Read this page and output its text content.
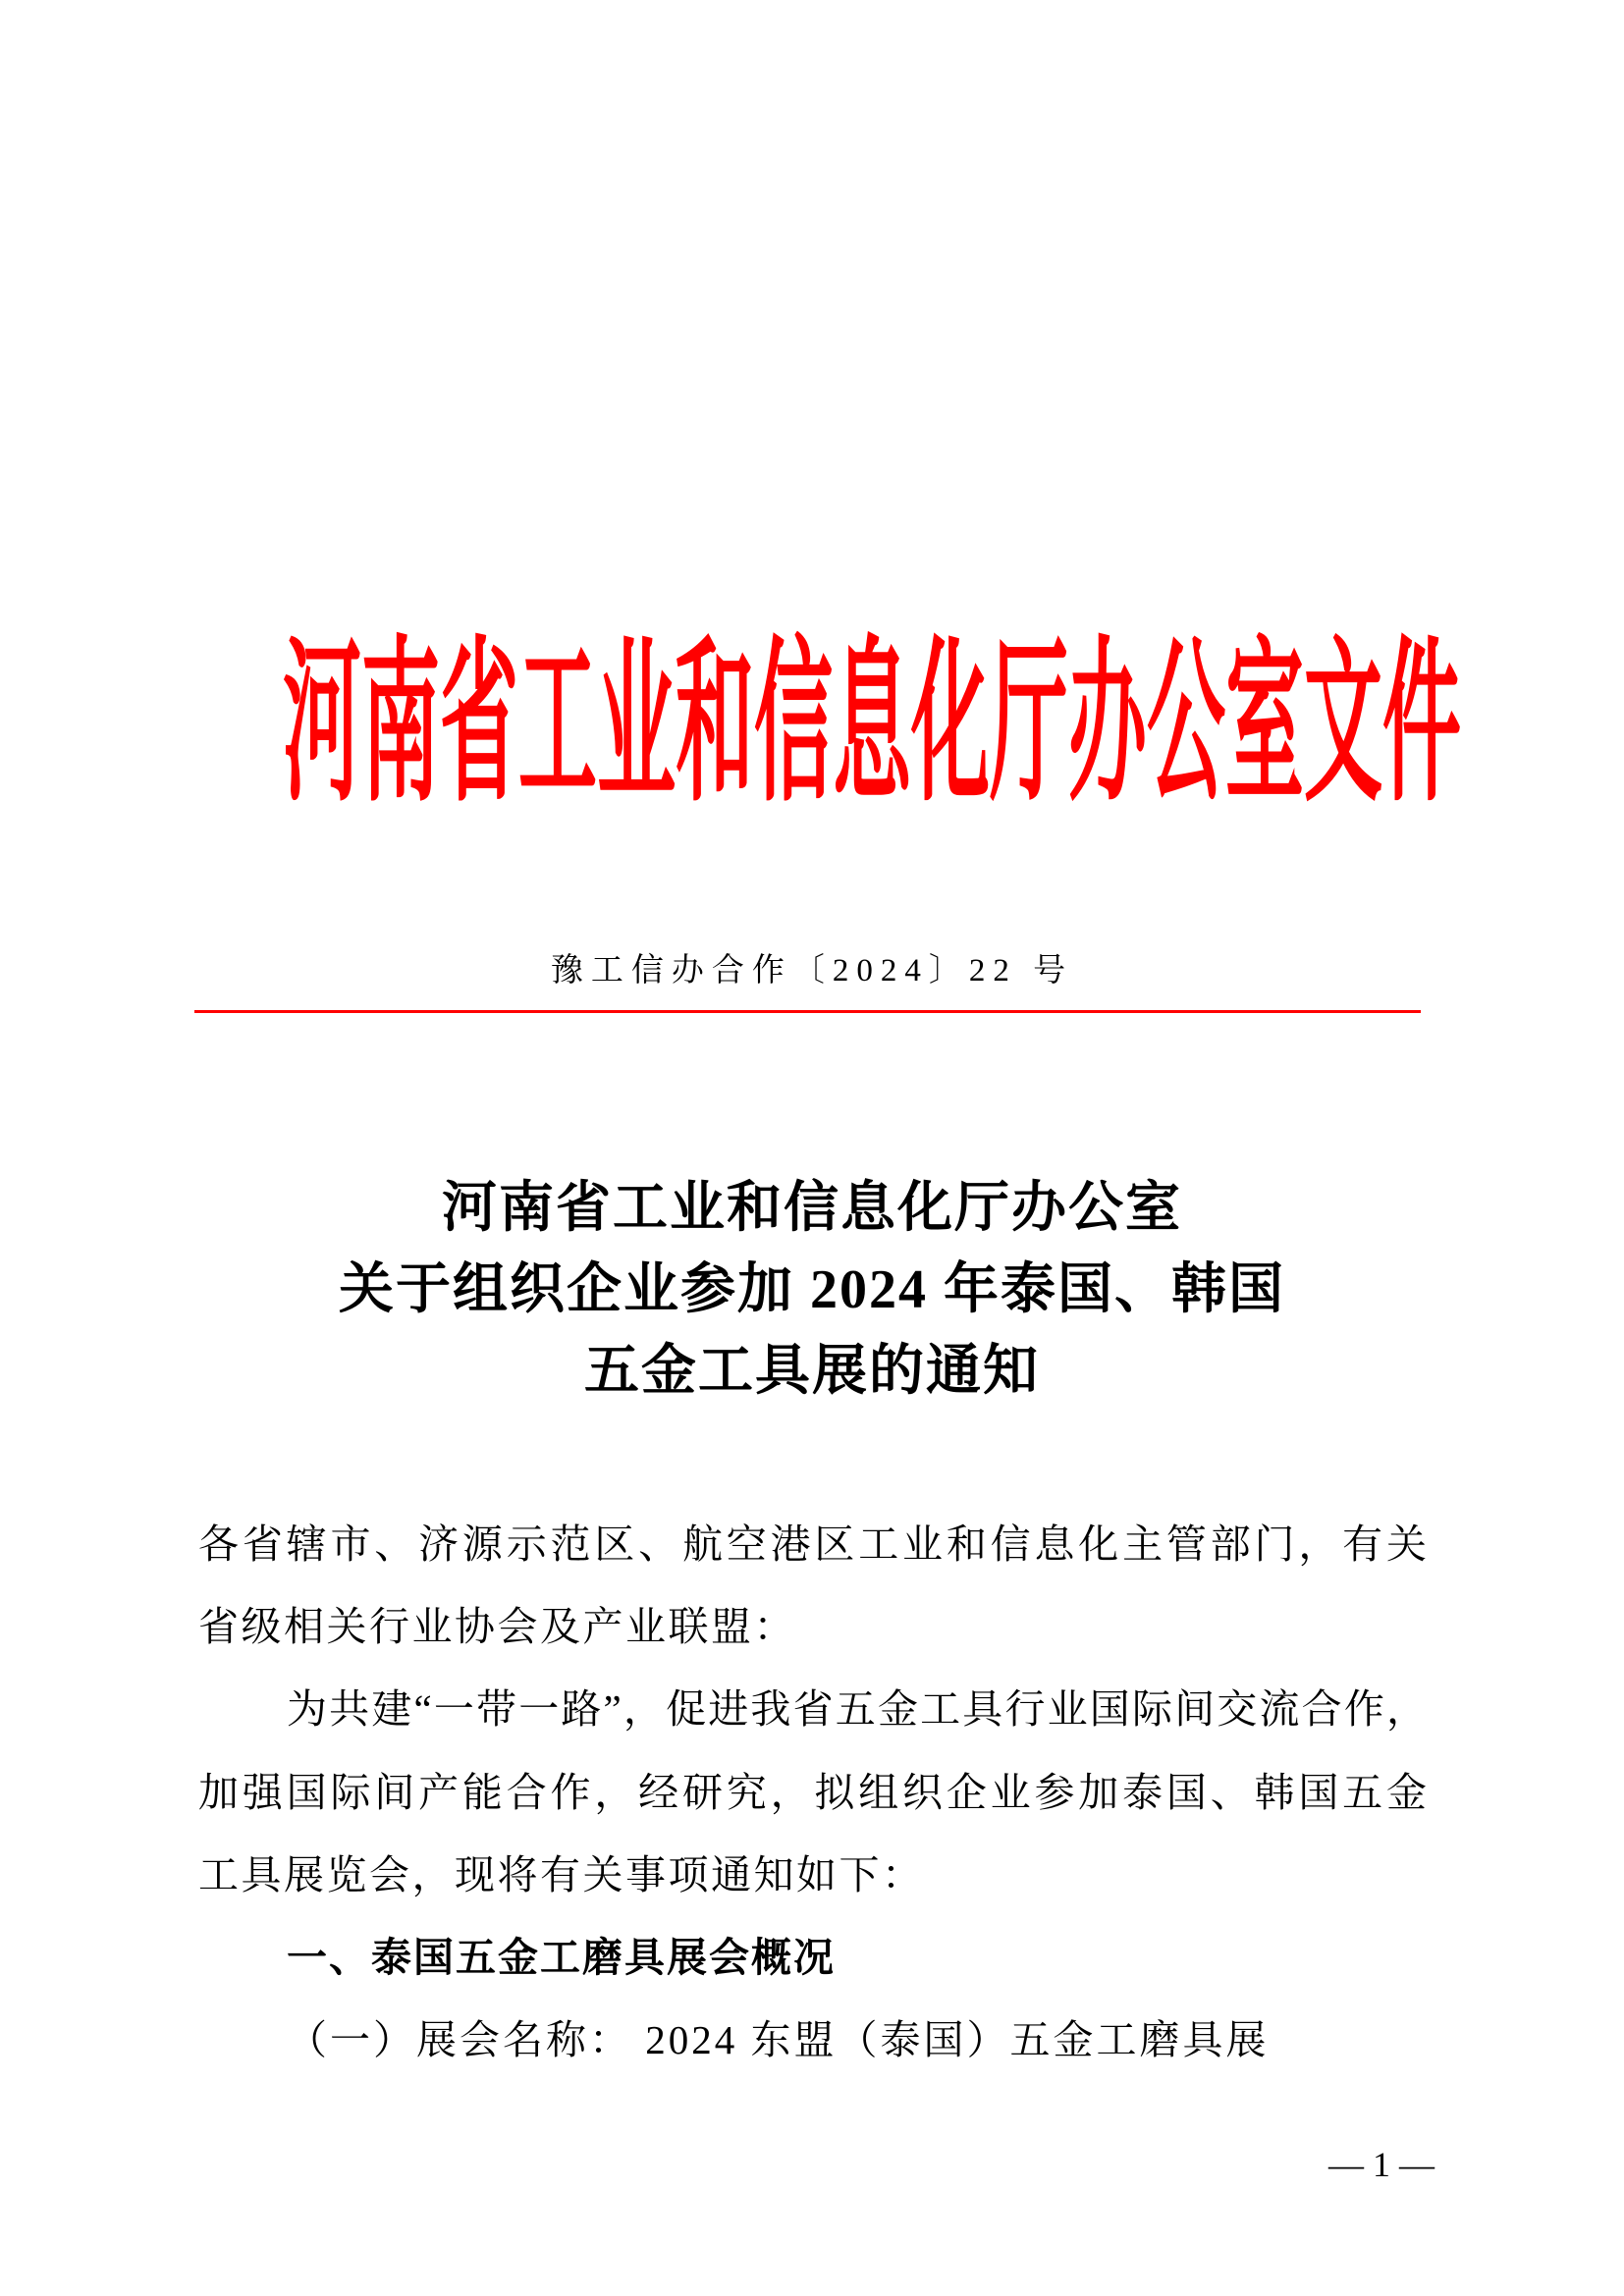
河南省工业和信息化厅办公室文件
豫工信办合作〔2024〕22 号
河南省工业和信息化厅办公室
关于组织企业参加 2024 年泰国、韩国
五金工具展的通知
各省辖市、济源示范区、航空港区工业和信息化主管部门，有关
省级相关行业协会及产业联盟：
为共建“一带一路”，促进我省五金工具行业国际间交流合作，
加强国际间产能合作，经研究，拟组织企业参加泰国、韩国五金
工具展览会，现将有关事项通知如下：
一、泰国五金工磨具展会概况
（一）展会名称： 2024 东盟（泰国）五金工磨具展
— 1 —
